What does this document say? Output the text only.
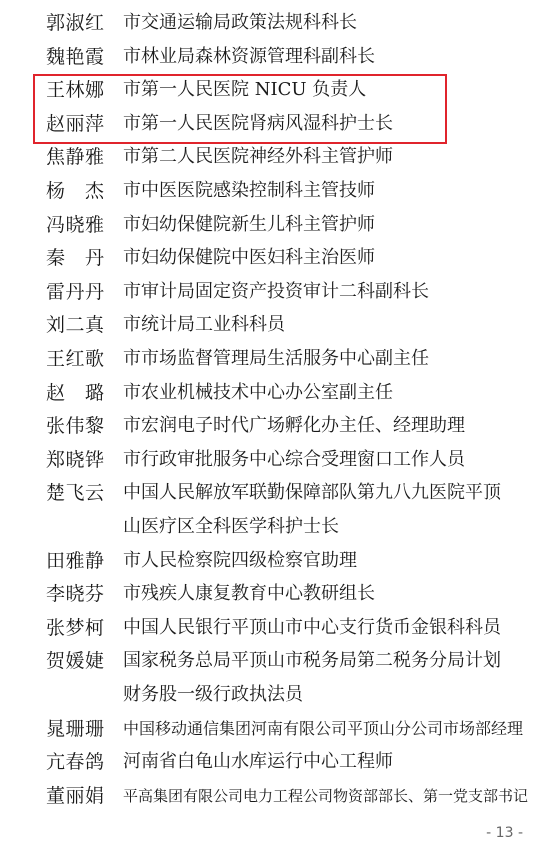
郭淑红 市交通运输局政策法规科科长
魏艳霞 市林业局森林资源管理科副科长
王林娜 市第一人民医院 NICU 负责人
赵丽萍 市第一人民医院肾病风湿科护士长
焦静雅 市第二人民医院神经外科主管护师
杨　杰 市中医医院感染控制科主管技师
冯晓雅 市妇幼保健院新生儿科主管护师
秦　丹 市妇幼保健院中医妇科主治医师
雷丹丹 市审计局固定资产投资审计二科副科长
刘二真 市统计局工业科科员
王红歌 市市场监督管理局生活服务中心副主任
赵　璐 市农业机械技术中心办公室副主任
张伟黎 市宏润电子时代广场孵化办主任、经理助理
郑晓铧 市行政审批服务中心综合受理窗口工作人员
楚飞云 中国人民解放军联勤保障部队第九八九医院平顶
山医疗区全科医学科护士长
田雅静 市人民检察院四级检察官助理
李晓芬 市残疾人康复教育中心教研组长
张梦柯 中国人民银行平顶山市中心支行货币金银科科员
贺媛婕 国家税务总局平顶山市税务局第二税务分局计划
财务股一级行政执法员
晁珊珊 中国移动通信集团河南有限公司平顶山分公司市场部经理
亢春鸽 河南省白龟山水库运行中心工程师
董丽娟 平高集团有限公司电力工程公司物资部部长、第一党支部书记
- 13 -
